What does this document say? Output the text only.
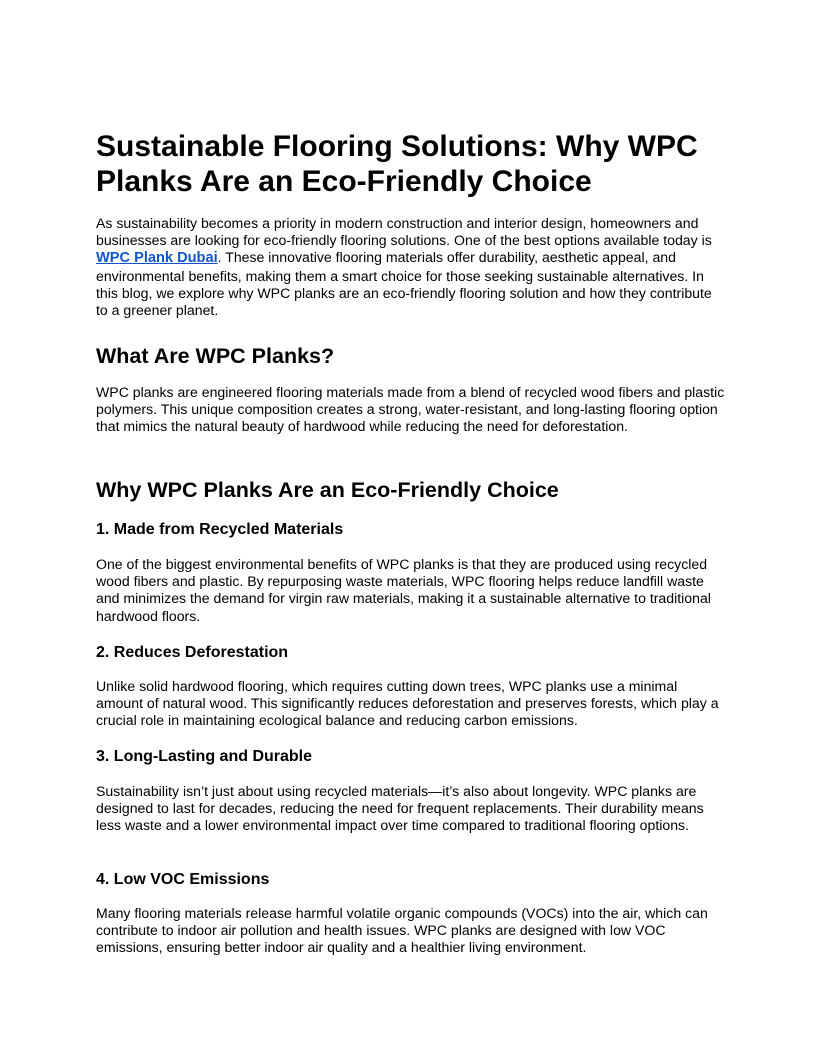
Sustainable Flooring Solutions: Why WPC Planks Are an Eco-Friendly Choice

As sustainability becomes a priority in modern construction and interior design, homeowners and businesses are looking for eco-friendly flooring solutions. One of the best options available today is WPC Plank Dubai. These innovative flooring materials offer durability, aesthetic appeal, and environmental benefits, making them a smart choice for those seeking sustainable alternatives. In this blog, we explore why WPC planks are an eco-friendly flooring solution and how they contribute to a greener planet.

What Are WPC Planks?

WPC planks are engineered flooring materials made from a blend of recycled wood fibers and plastic polymers. This unique composition creates a strong, water-resistant, and long-lasting flooring option that mimics the natural beauty of hardwood while reducing the need for deforestation.

Why WPC Planks Are an Eco-Friendly Choice
1. Made from Recycled Materials

One of the biggest environmental benefits of WPC planks is that they are produced using recycled wood fibers and plastic. By repurposing waste materials, WPC flooring helps reduce landfill waste and minimizes the demand for virgin raw materials, making it a sustainable alternative to traditional hardwood floors.

2. Reduces Deforestation

Unlike solid hardwood flooring, which requires cutting down trees, WPC planks use a minimal amount of natural wood. This significantly reduces deforestation and preserves forests, which play a crucial role in maintaining ecological balance and reducing carbon emissions.

3. Long-Lasting and Durable

Sustainability isn’t just about using recycled materials—it’s also about longevity. WPC planks are designed to last for decades, reducing the need for frequent replacements. Their durability means less waste and a lower environmental impact over time compared to traditional flooring options.

4. Low VOC Emissions

Many flooring materials release harmful volatile organic compounds (VOCs) into the air, which can contribute to indoor air pollution and health issues. WPC planks are designed with low VOC emissions, ensuring better indoor air quality and a healthier living environment.
